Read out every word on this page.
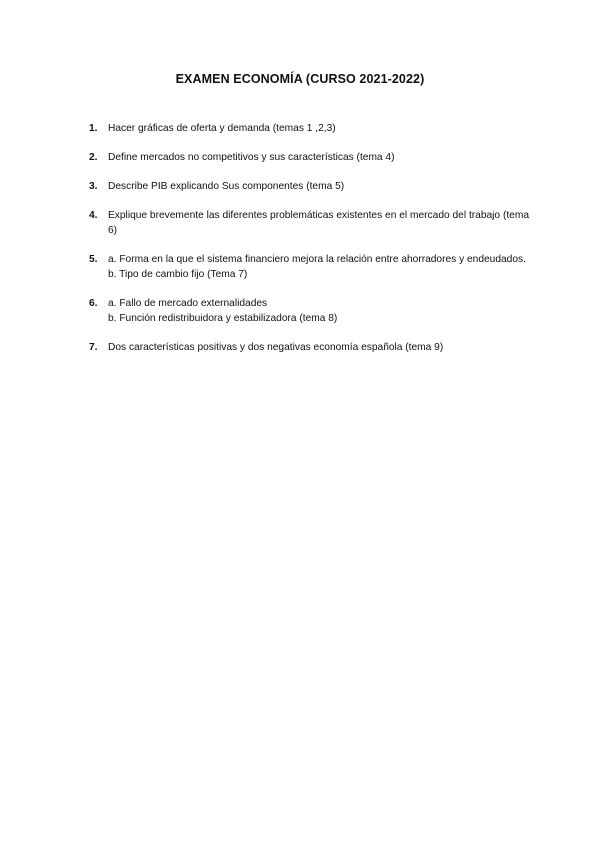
EXAMEN ECONOMÍA (CURSO 2021-2022)
1.	Hacer gráficas de oferta y demanda (temas 1 ,2,3)
2.	Define mercados no competitivos y sus características (tema 4)
3.	Describe PIB explicando Sus componentes (tema 5)
4.	Explique brevemente las diferentes problemáticas existentes en el mercado del trabajo (tema 6)
5.	a. Forma en la que el sistema financiero mejora la relación entre ahorradores y endeudados.
b. Tipo de cambio fijo (Tema 7)
6.	a. Fallo de mercado externalidades
b. Función redistribuidora y estabilizadora (tema 8)
7.	Dos características positivas y dos negativas economía española (tema 9)
